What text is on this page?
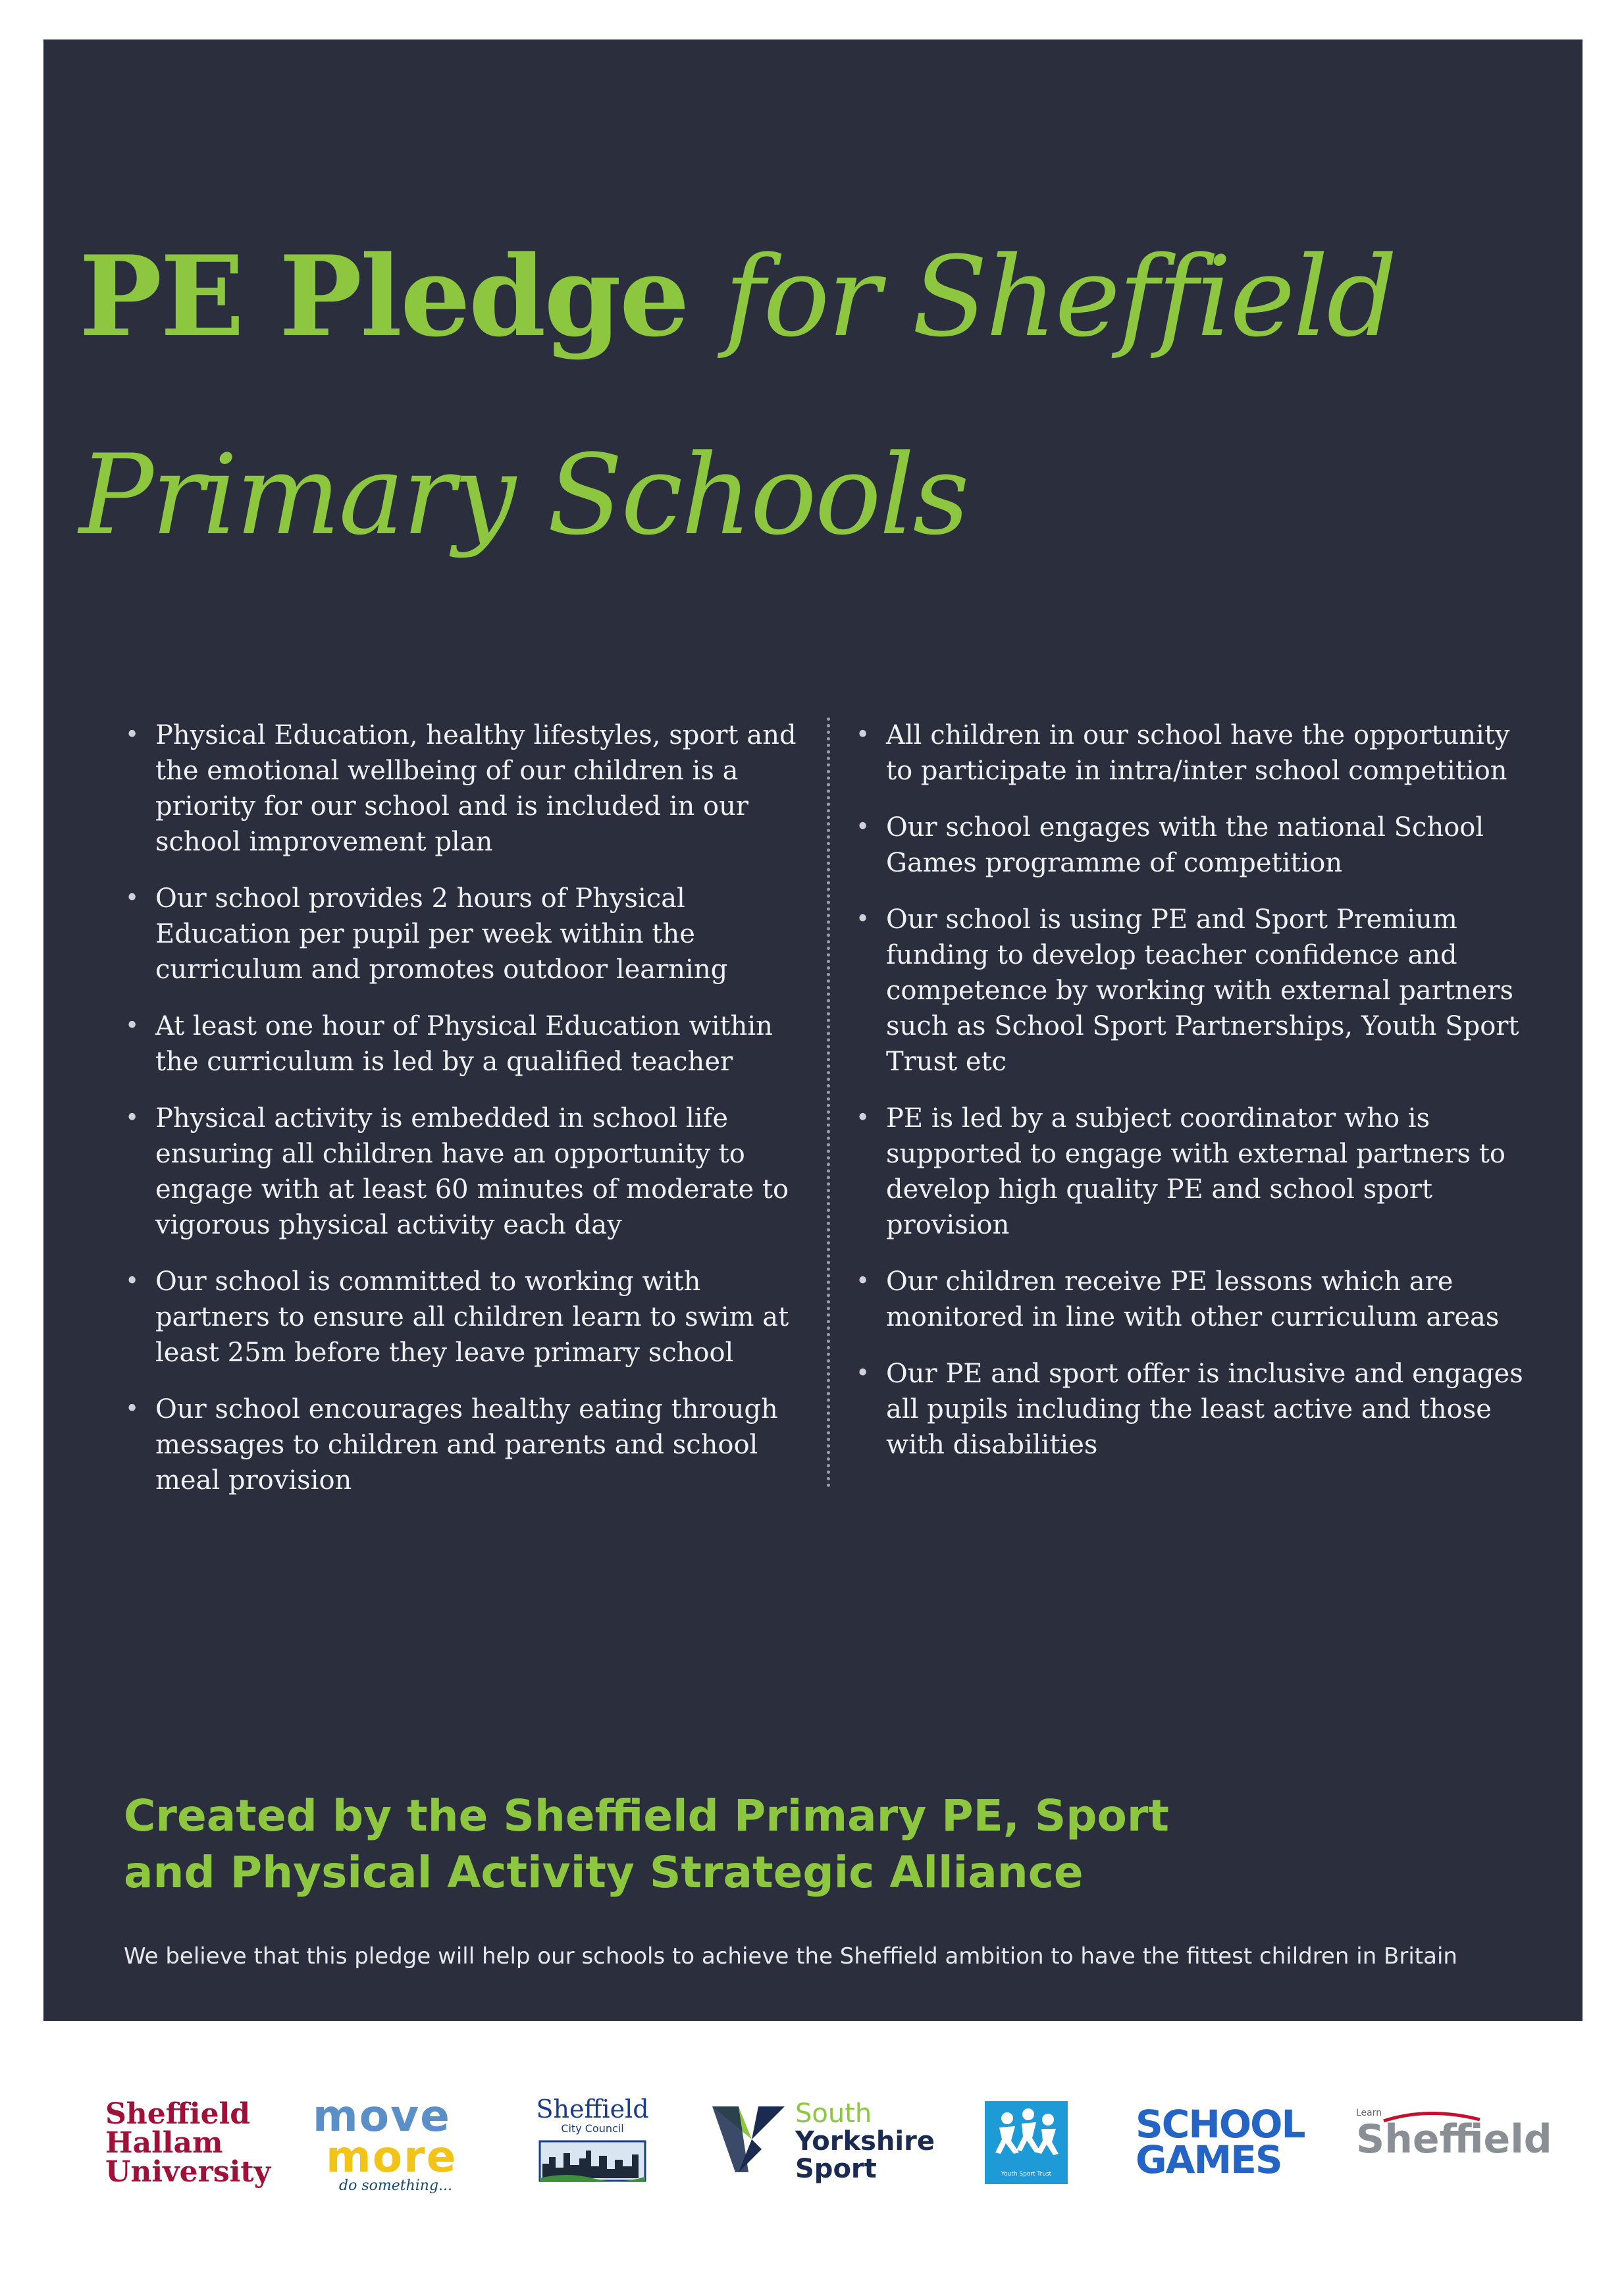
PE Pledge for Sheffield
Primary Schools
• Physical Education, healthy lifestyles, sport and the emotional wellbeing of our children is a priority for our school and is included in our school improvement plan
• Our school provides 2 hours of Physical Education per pupil per week within the curriculum and promotes outdoor learning
• At least one hour of Physical Education within the curriculum is led by a qualified teacher
• Physical activity is embedded in school life ensuring all children have an opportunity to engage with at least 60 minutes of moderate to vigorous physical activity each day
• Our school is committed to working with partners to ensure all children learn to swim at least 25m before they leave primary school
• Our school encourages healthy eating through messages to children and parents and school meal provision
• All children in our school have the opportunity to participate in intra/inter school competition
• Our school engages with the national School Games programme of competition
• Our school is using PE and Sport Premium funding to develop teacher confidence and competence by working with external partners such as School Sport Partnerships, Youth Sport Trust etc
• PE is led by a subject coordinator who is supported to engage with external partners to develop high quality PE and school sport provision
• Our children receive PE lessons which are monitored in line with other curriculum areas
• Our PE and sport offer is inclusive and engages all pupils including the least active and those with disabilities
Created by the Sheffield Primary PE, Sport
and Physical Activity Strategic Alliance

We believe that this pledge will help our schools to achieve the Sheffield ambition to have the fittest children in Britain

Sheffield
Hallam
University
move
more
do something...
Sheffield
City Council	South
Yorkshire
Sport	Youth Sport Trust
SCHOOL
GAMES
Learn
Sheffield
